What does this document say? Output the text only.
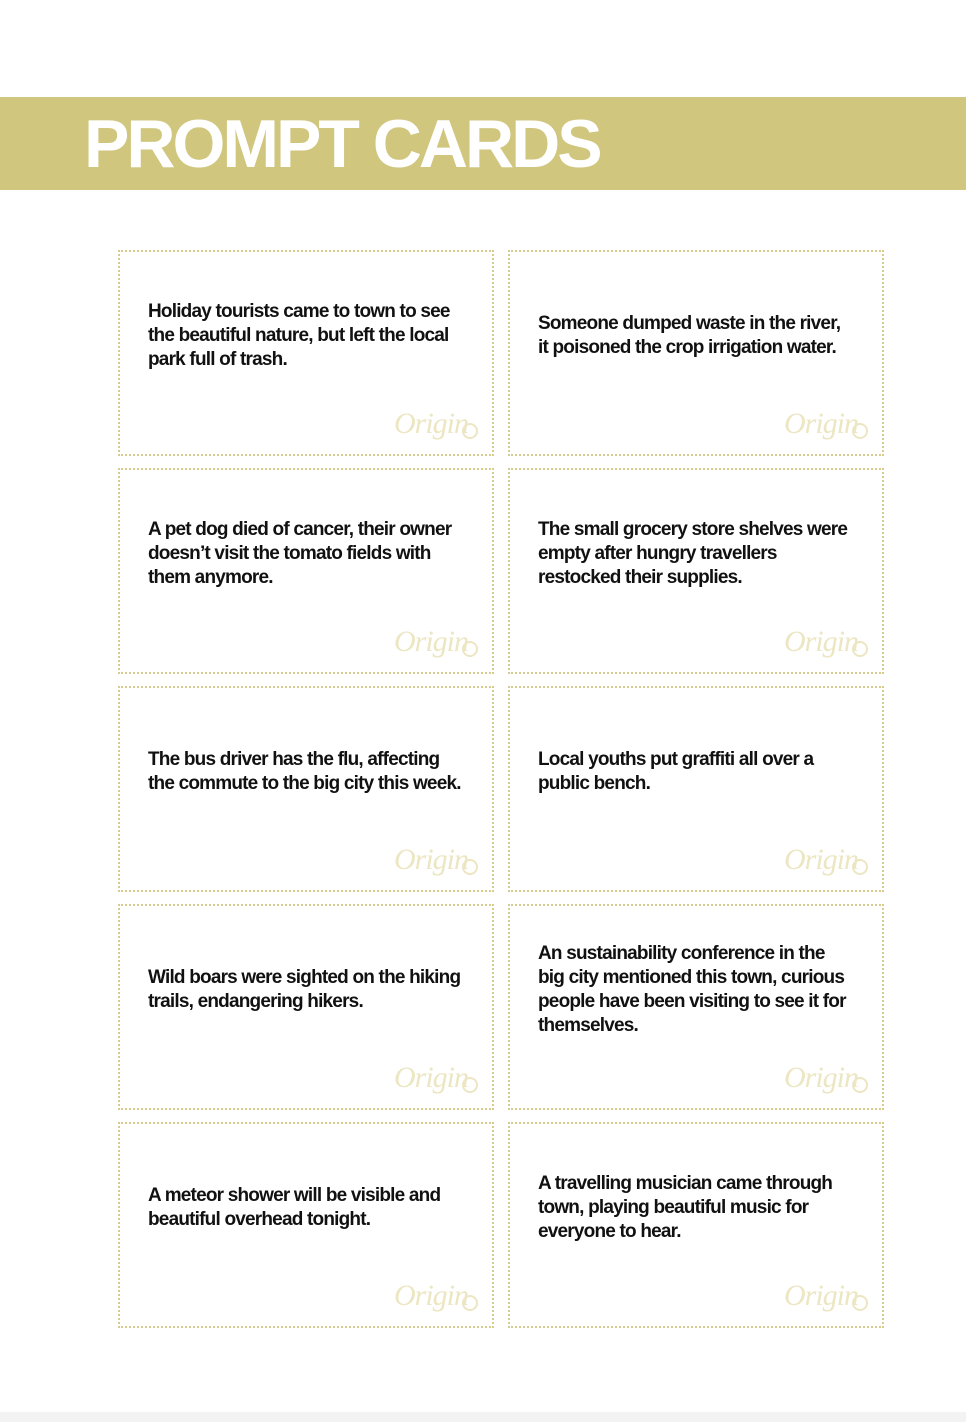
PROMPT CARDS
Holiday tourists came to town to see the beautiful nature, but left the local park full of trash.
Origin
Someone dumped waste in the river, it poisoned the crop irrigation water.
Origin
A pet dog died of cancer, their owner doesn’t visit the tomato fields with them anymore.
Origin
The small grocery store shelves were empty after hungry travellers restocked their supplies.
Origin
The bus driver has the flu, affecting the commute to the big city this week.
Origin
Local youths put graffiti all over a public bench.
Origin
Wild boars were sighted on the hiking trails, endangering hikers.
Origin
An sustainability conference in the big city mentioned this town, curious people have been visiting to see it for themselves.
Origin
A meteor shower will be visible and beautiful overhead tonight.
Origin
A travelling musician came through town, playing beautiful music for everyone to hear.
Origin
